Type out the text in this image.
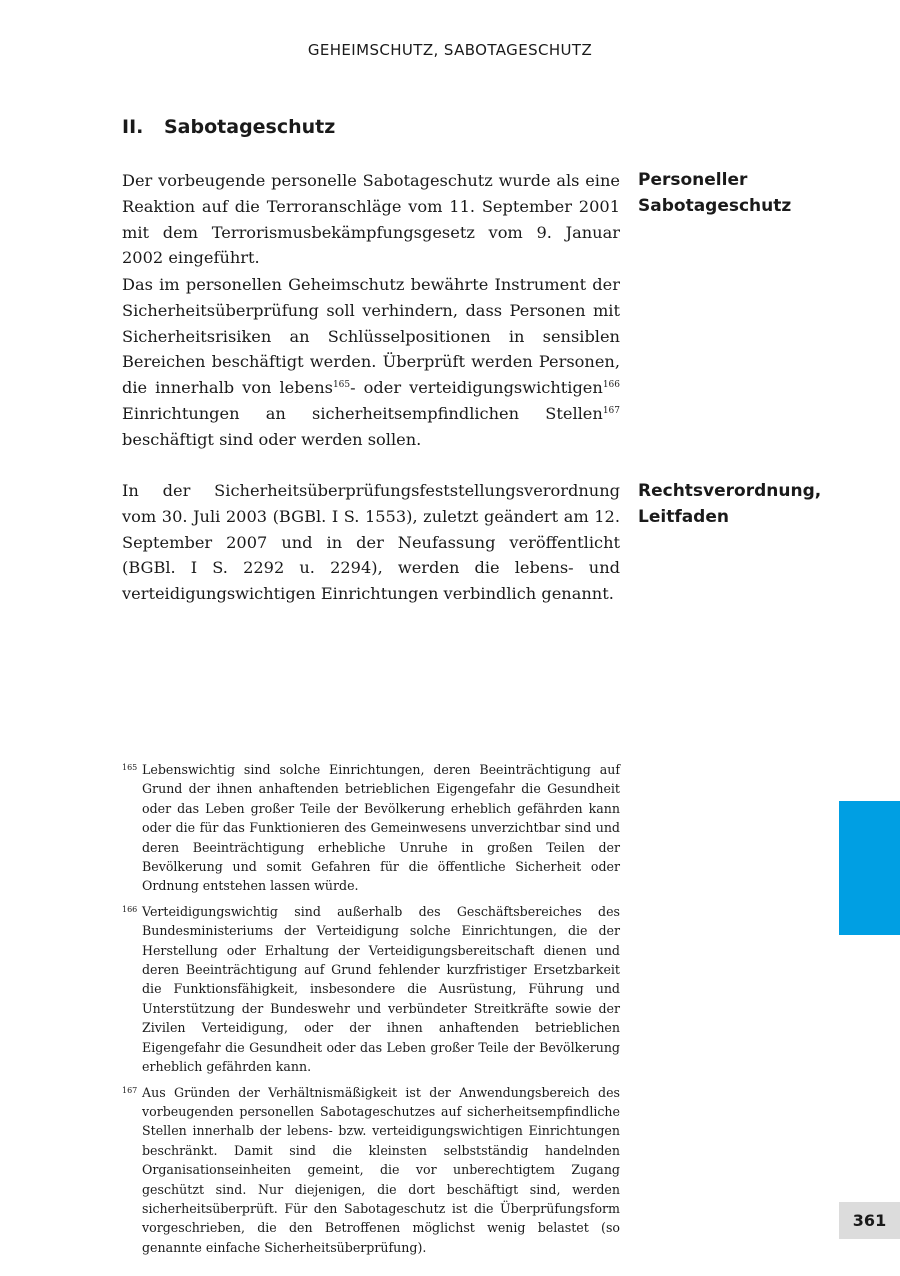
GEHEIMSCHUTZ, SABOTAGESCHUTZ
II.	Sabotageschutz

Der vorbeugende personelle Sabotageschutz wurde als eine Reaktion auf die Terroranschläge vom 11. September 2001 mit dem Terrorismusbekämpfungsgesetz vom 9. Januar 2002 eingeführt.

Das im personellen Geheimschutz bewährte Instrument der Sicherheitsüberprüfung soll verhindern, dass Personen mit Sicherheitsrisiken an Schlüsselpositionen in sensiblen Bereichen beschäftigt werden. Überprüft werden Personen, die innerhalb von lebens$^{165}$- oder verteidigungswichtigen$^{166}$ Einrichtungen an sicherheitsempfindlichen Stellen$^{167}$ beschäftigt sind oder werden sollen.

In der Sicherheitsüberprüfungsfeststellungsverordnung vom 30. Juli 2003 (BGBl. I S. 1553), zuletzt geändert am 12. September 2007 und in der Neufassung veröffentlicht (BGBl. I S. 2292 u. 2294), werden die lebens- und verteidigungswichtigen Einrichtungen verbindlich genannt.

Personeller
Sabotageschutz
Rechtsverordnung,
Leitfaden
165 Lebenswichtig sind solche Einrichtungen, deren Beeinträchtigung auf Grund der ihnen anhaftenden betrieblichen Eigengefahr die Gesundheit oder das Leben großer Teile der Bevölkerung erheblich gefährden kann oder die für das Funktionieren des Gemeinwesens unverzichtbar sind und deren Beeinträchtigung erhebliche Unruhe in großen Teilen der Bevölkerung und somit Gefahren für die öffentliche Sicherheit oder Ordnung entstehen lassen würde.
166 Verteidigungswichtig sind außerhalb des Geschäftsbereiches des Bundesministeriums der Verteidigung solche Einrichtungen, die der Herstellung oder Erhaltung der Verteidigungsbereitschaft dienen und deren Beeinträchtigung auf Grund fehlender kurzfristiger Ersetzbarkeit die Funktionsfähigkeit, insbesondere die Ausrüstung, Führung und Unterstützung der Bundeswehr und verbündeter Streitkräfte sowie der Zivilen Verteidigung, oder der ihnen anhaftenden betrieblichen Eigengefahr die Gesundheit oder das Leben großer Teile der Bevölkerung erheblich gefährden kann.
167 Aus Gründen der Verhältnismäßigkeit ist der Anwendungsbereich des vorbeugenden personellen Sabotageschutzes auf sicherheitsempfindliche Stellen innerhalb der lebens- bzw. verteidigungswichtigen Einrichtungen beschränkt. Damit sind die kleinsten selbstständig handelnden Organisationseinheiten gemeint, die vor unberechtigtem Zugang geschützt sind. Nur diejenigen, die dort beschäftigt sind, werden sicherheitsüberprüft. Für den Sabotageschutz ist die Überprüfungsform vorgeschrieben, die den Betroffenen möglichst wenig belastet (so genannte einfache Sicherheitsüberprüfung).
361
